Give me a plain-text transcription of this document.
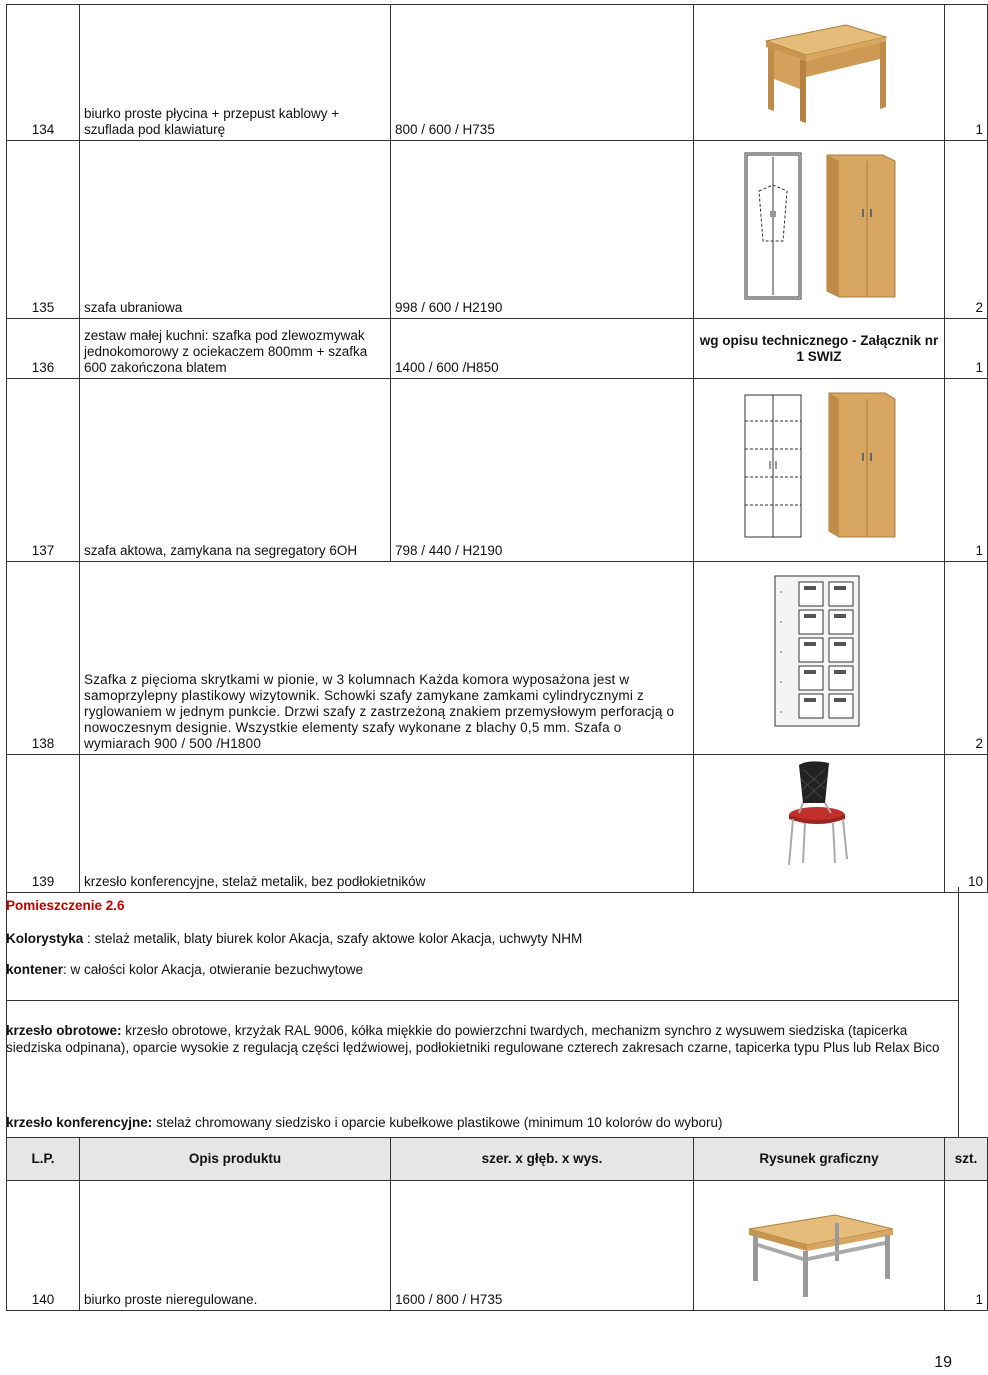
134	biurko proste płycina + przepust kablowy + szuflada pod klawiaturę	800 / 600 / H735		1
135	szafa ubraniowa	998 / 600 / H2190		2
136	zestaw małej kuchni: szafka pod zlewozmywak jednokomorowy z ociekaczem 800mm + szafka 600 zakończona blatem	1400 / 600 /H850	wg opisu technicznego - Załącznik nr 1 SWIZ	1
137	szafa aktowa, zamykana na segregatory 6OH	798 / 440 / H2190		1
138	Szafka z pięcioma skrytkami w pionie, w 3 kolumnach Każda komora wyposażona jest w samoprzylepny plastikowy wizytownik. Schowki szafy zamykane zamkami cylindrycznymi z ryglowaniem w jednym punkcie. Drzwi szafy z zastrzeżoną znakiem przemysłowym perforacją o nowoczesnym designie. Wszystkie elementy szafy wykonane z blachy 0,5 mm. Szafa o wymiarach 900 / 500 /H1800			2
139	krzesło konferencyjne, stelaż metalik, bez podłokietników			10
Pomieszczenie 2.6
Kolorystyka : stelaż metalik, blaty biurek kolor Akacja, szafy aktowe kolor Akacja, uchwyty NHM
kontener: w całości kolor Akacja, otwieranie bezuchwytowe
krzesło obrotowe: krzesło obrotowe, krzyżak RAL 9006, kółka miękkie do powierzchni twardych, mechanizm synchro z wysuwem siedziska (tapicerka siedziska odpinana), oparcie wysokie z regulacją części lędźwiowej, podłokietniki regulowane czterech zakresach czarne, tapicerka typu Plus lub Relax Bico
krzesło konferencyjne: stelaż chromowany siedzisko i oparcie kubełkowe plastikowe (minimum 10 kolorów do wyboru)
L.P.	Opis produktu	szer. x głęb. x wys.	Rysunek graficzny	szt.
140	biurko proste nieregulowane.	1600 / 800 / H735		1
19
